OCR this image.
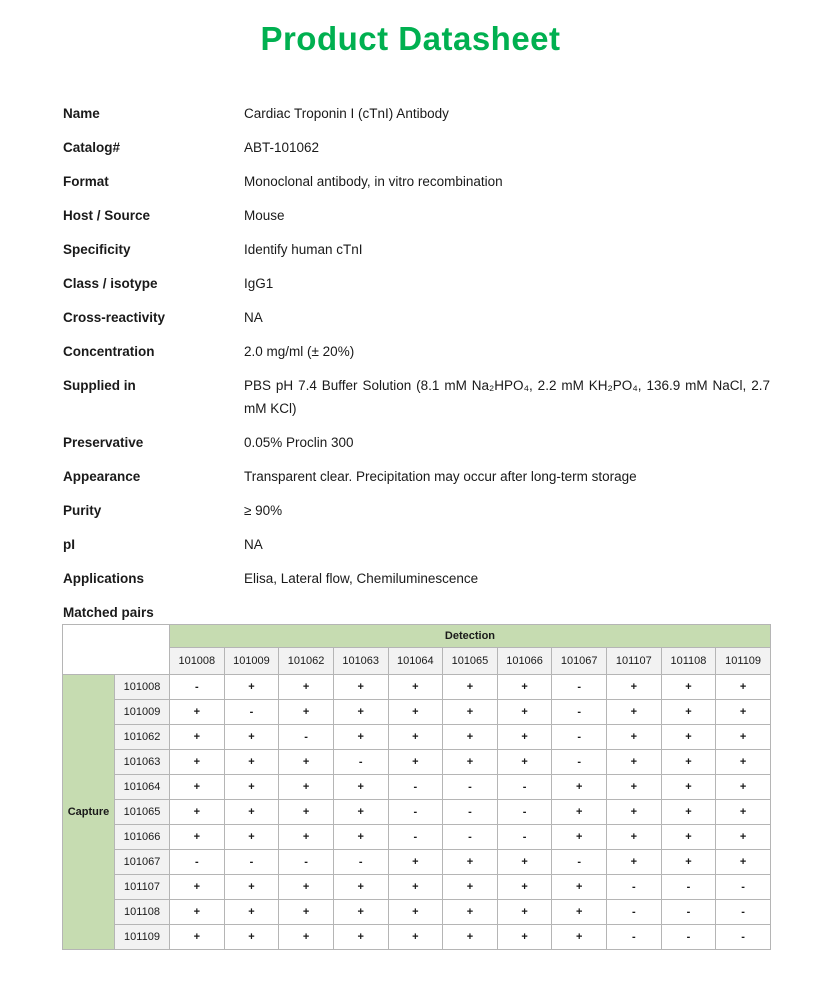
Product Datasheet
Name	Cardiac Troponin I (cTnI) Antibody
Catalog#	ABT-101062
Format	Monoclonal antibody, in vitro recombination
Host / Source	Mouse
Specificity	Identify human cTnI
Class / isotype	IgG1
Cross-reactivity	NA
Concentration	2.0 mg/ml (± 20%)
Supplied in	PBS pH 7.4 Buffer Solution (8.1 mM Na₂HPO₄, 2.2 mM KH₂PO₄, 136.9 mM NaCl, 2.7 mM KCl)
Preservative	0.05% Proclin 300
Appearance	Transparent clear. Precipitation may occur after long-term storage
Purity	≥ 90%
pI	NA
Applications	Elisa, Lateral flow, Chemiluminescence
Matched pairs
		Detection										
		101008	101009	101062	101063	101064	101065	101066	101067	101107	101108	101109
Capture	101008	-	+	+	+	+	+	+	-	+	+	+
	101009	+	-	+	+	+	+	+	-	+	+	+
	101062	+	+	-	+	+	+	+	-	+	+	+
	101063	+	+	+	-	+	+	+	-	+	+	+
	101064	+	+	+	+	-	-	-	+	+	+	+
	101065	+	+	+	+	-	-	-	+	+	+	+
	101066	+	+	+	+	-	-	-	+	+	+	+
	101067	-	-	-	-	+	+	+	-	+	+	+
	101107	+	+	+	+	+	+	+	+	-	-	-
	101108	+	+	+	+	+	+	+	+	-	-	-
	101109	+	+	+	+	+	+	+	+	-	-	-
